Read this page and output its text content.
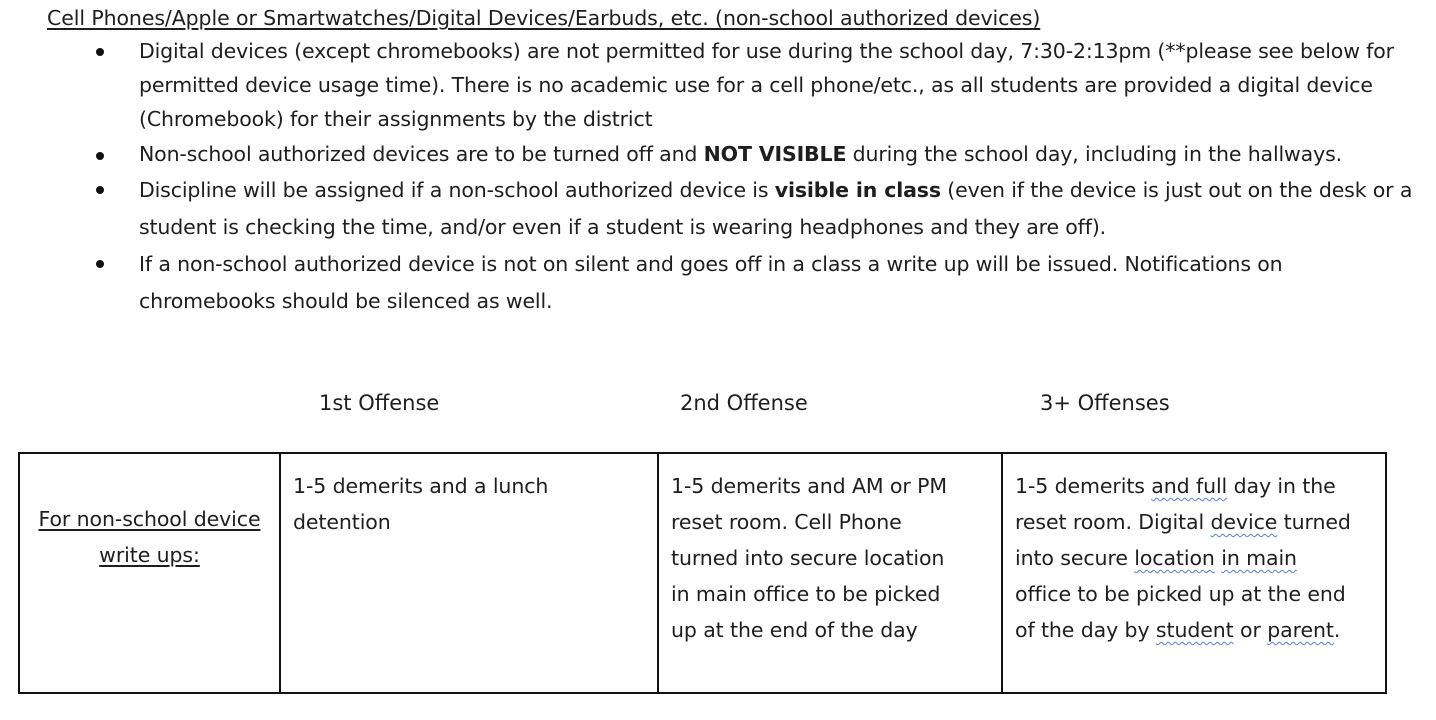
Cell Phones/Apple or Smartwatches/Digital Devices/Earbuds, etc. (non-school authorized devices)
Digital devices (except chromebooks) are not permitted for use during the school day, 7:30-2:13pm (**please see below for permitted device usage time). There is no academic use for a cell phone/etc., as all students are provided a digital device (Chromebook) for their assignments by the district
Non-school authorized devices are to be turned off and NOT VISIBLE during the school day, including in the hallways.
Discipline will be assigned if a non-school authorized device is visible in class (even if the device is just out on the desk or a student is checking the time, and/or even if a student is wearing headphones and they are off).
If a non-school authorized device is not on silent and goes off in a class a write up will be issued. Notifications on chromebooks should be silenced as well.
1st Offense	2nd Offense	3+ Offenses
For non-school device
write ups:
1-5 demerits and a lunch detention
1-5 demerits and AM or PM
reset room. Cell Phone
turned into secure location
in main office to be picked
up at the end of the day
1-5 demerits and full day in the
reset room. Digital device turned
into secure location in main
office to be picked up at the end
of the day by student or parent.
